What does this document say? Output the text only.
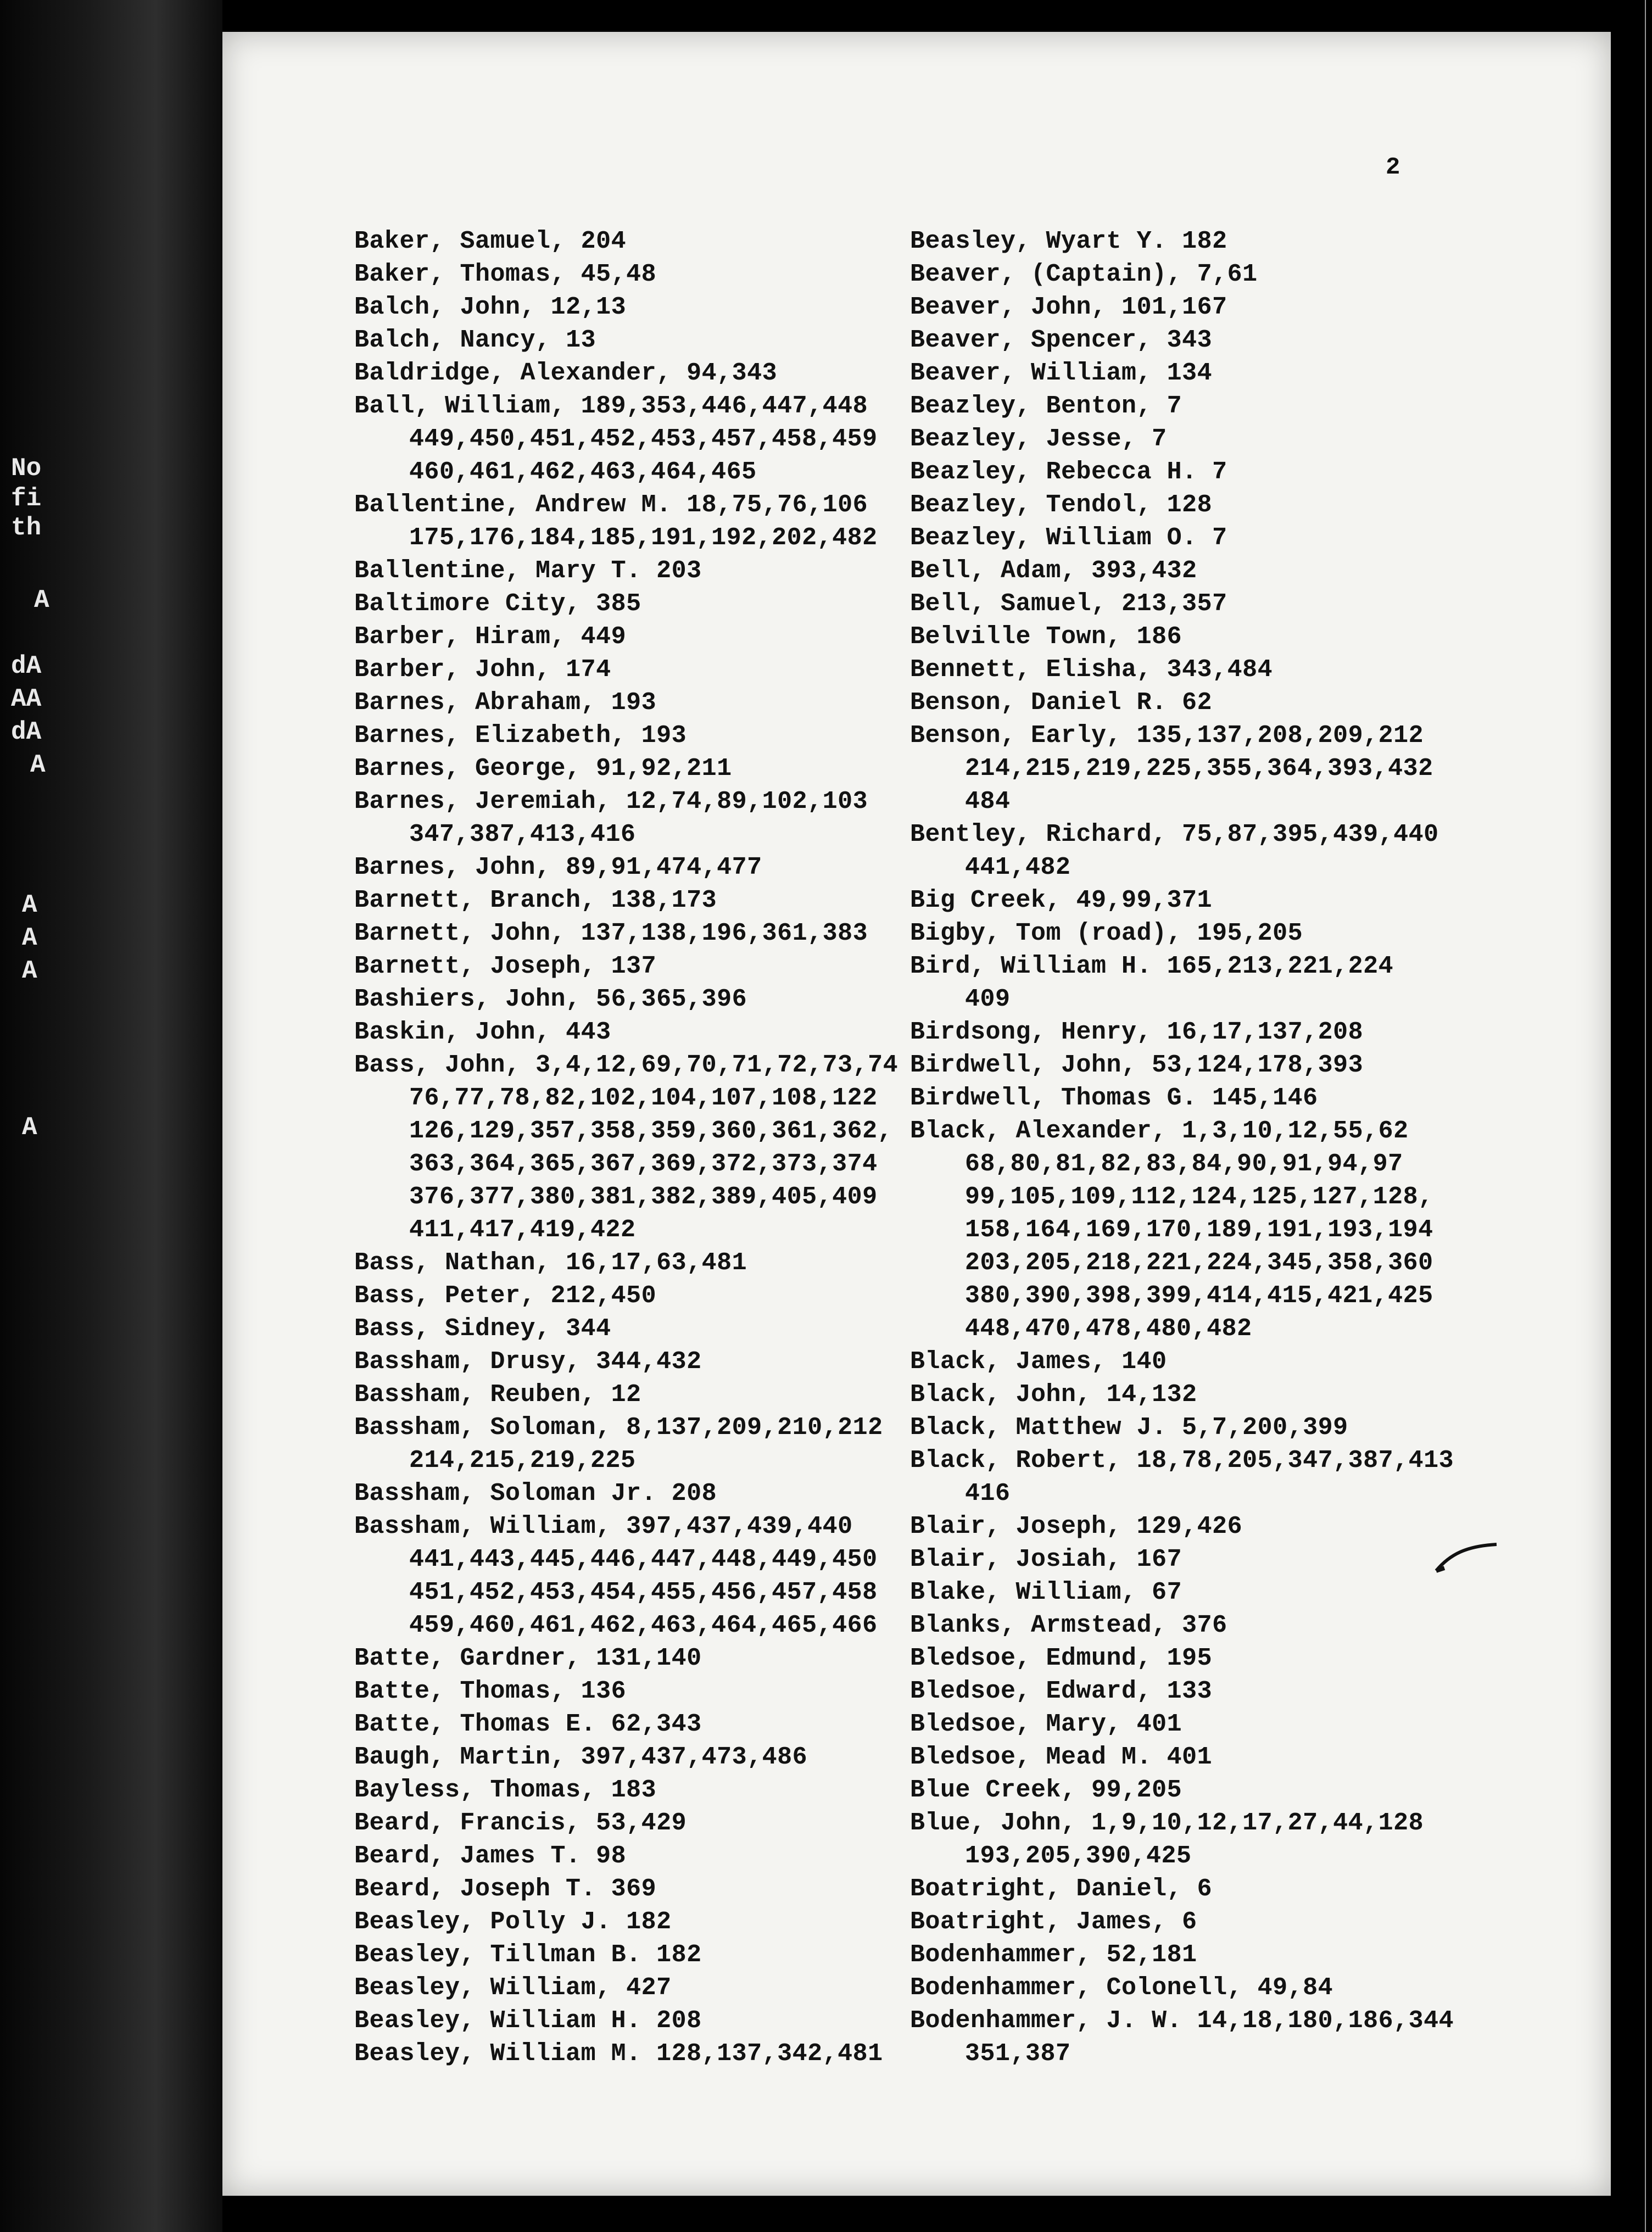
No
fi
th
A
dA
AA
dA
A
A
A
A
A
2
Baker, Samuel, 204
Baker, Thomas, 45,48
Balch, John, 12,13
Balch, Nancy, 13
Baldridge, Alexander, 94,343
Ball, William, 189,353,446,447,448
449,450,451,452,453,457,458,459
460,461,462,463,464,465
Ballentine, Andrew M. 18,75,76,106
175,176,184,185,191,192,202,482
Ballentine, Mary T. 203
Baltimore City, 385
Barber, Hiram, 449
Barber, John, 174
Barnes, Abraham, 193
Barnes, Elizabeth, 193
Barnes, George, 91,92,211
Barnes, Jeremiah, 12,74,89,102,103
347,387,413,416
Barnes, John, 89,91,474,477
Barnett, Branch, 138,173
Barnett, John, 137,138,196,361,383
Barnett, Joseph, 137
Bashiers, John, 56,365,396
Baskin, John, 443
Bass, John, 3,4,12,69,70,71,72,73,74
76,77,78,82,102,104,107,108,122
126,129,357,358,359,360,361,362,
363,364,365,367,369,372,373,374
376,377,380,381,382,389,405,409
411,417,419,422
Bass, Nathan, 16,17,63,481
Bass, Peter, 212,450
Bass, Sidney, 344
Bassham, Drusy, 344,432
Bassham, Reuben, 12
Bassham, Soloman, 8,137,209,210,212
214,215,219,225
Bassham, Soloman Jr. 208
Bassham, William, 397,437,439,440
441,443,445,446,447,448,449,450
451,452,453,454,455,456,457,458
459,460,461,462,463,464,465,466
Batte, Gardner, 131,140
Batte, Thomas, 136
Batte, Thomas E. 62,343
Baugh, Martin, 397,437,473,486
Bayless, Thomas, 183
Beard, Francis, 53,429
Beard, James T. 98
Beard, Joseph T. 369
Beasley, Polly J. 182
Beasley, Tillman B. 182
Beasley, William, 427
Beasley, William H. 208
Beasley, William M. 128,137,342,481
Beasley, Wyart Y. 182
Beaver, (Captain), 7,61
Beaver, John, 101,167
Beaver, Spencer, 343
Beaver, William, 134
Beazley, Benton, 7
Beazley, Jesse, 7
Beazley, Rebecca H. 7
Beazley, Tendol, 128
Beazley, William O. 7
Bell, Adam, 393,432
Bell, Samuel, 213,357
Belville Town, 186
Bennett, Elisha, 343,484
Benson, Daniel R. 62
Benson, Early, 135,137,208,209,212
214,215,219,225,355,364,393,432
484
Bentley, Richard, 75,87,395,439,440
441,482
Big Creek, 49,99,371
Bigby, Tom (road), 195,205
Bird, William H. 165,213,221,224
409
Birdsong, Henry, 16,17,137,208
Birdwell, John, 53,124,178,393
Birdwell, Thomas G. 145,146
Black, Alexander, 1,3,10,12,55,62
68,80,81,82,83,84,90,91,94,97
99,105,109,112,124,125,127,128,
158,164,169,170,189,191,193,194
203,205,218,221,224,345,358,360
380,390,398,399,414,415,421,425
448,470,478,480,482
Black, James, 140
Black, John, 14,132
Black, Matthew J. 5,7,200,399
Black, Robert, 18,78,205,347,387,413
416
Blair, Joseph, 129,426
Blair, Josiah, 167
Blake, William, 67
Blanks, Armstead, 376
Bledsoe, Edmund, 195
Bledsoe, Edward, 133
Bledsoe, Mary, 401
Bledsoe, Mead M. 401
Blue Creek, 99,205
Blue, John, 1,9,10,12,17,27,44,128
193,205,390,425
Boatright, Daniel, 6
Boatright, James, 6
Bodenhammer, 52,181
Bodenhammer, Colonell, 49,84
Bodenhammer, J. W. 14,18,180,186,344
351,387
